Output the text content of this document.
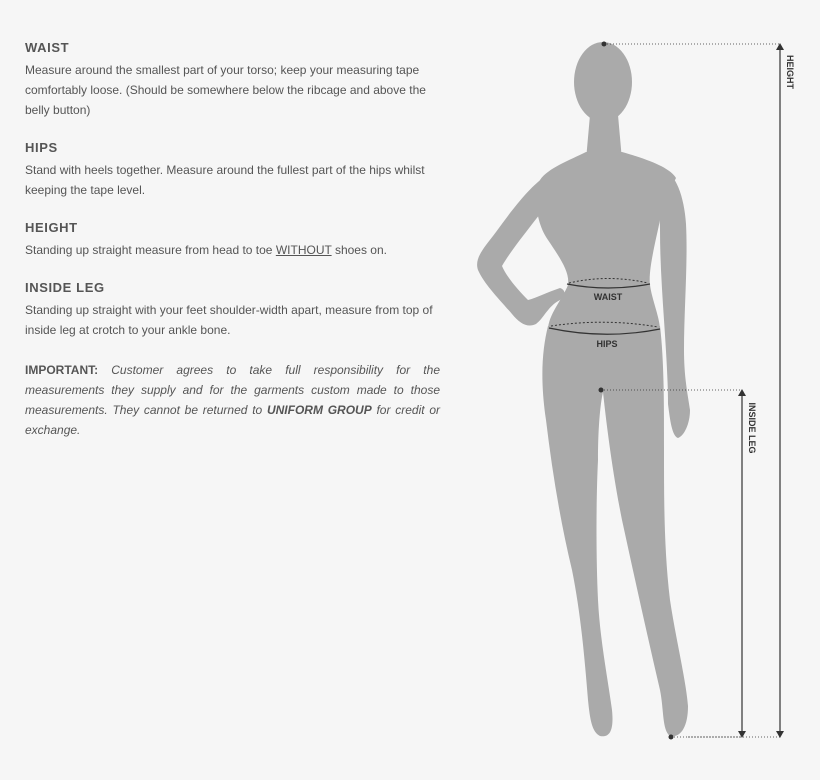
WAIST

Measure around the smallest part of your torso; keep your measuring tape comfortably loose. (Should be somewhere below the ribcage and above the belly button)

HIPS

Stand with heels together. Measure around the fullest part of the hips whilst keeping the tape level.

HEIGHT

Standing up straight measure from head to toe WITHOUT shoes on.

INSIDE LEG

Standing up straight with your feet shoulder-width apart, measure from top of inside leg at crotch to your ankle bone.

IMPORTANT: Customer agrees to take full responsibility for the measurements they supply and for the garments custom made to those measurements. They cannot be returned to UNIFORM GROUP for credit or exchange.

WAIST
HIPS
HEIGHT
INSIDE LEG
